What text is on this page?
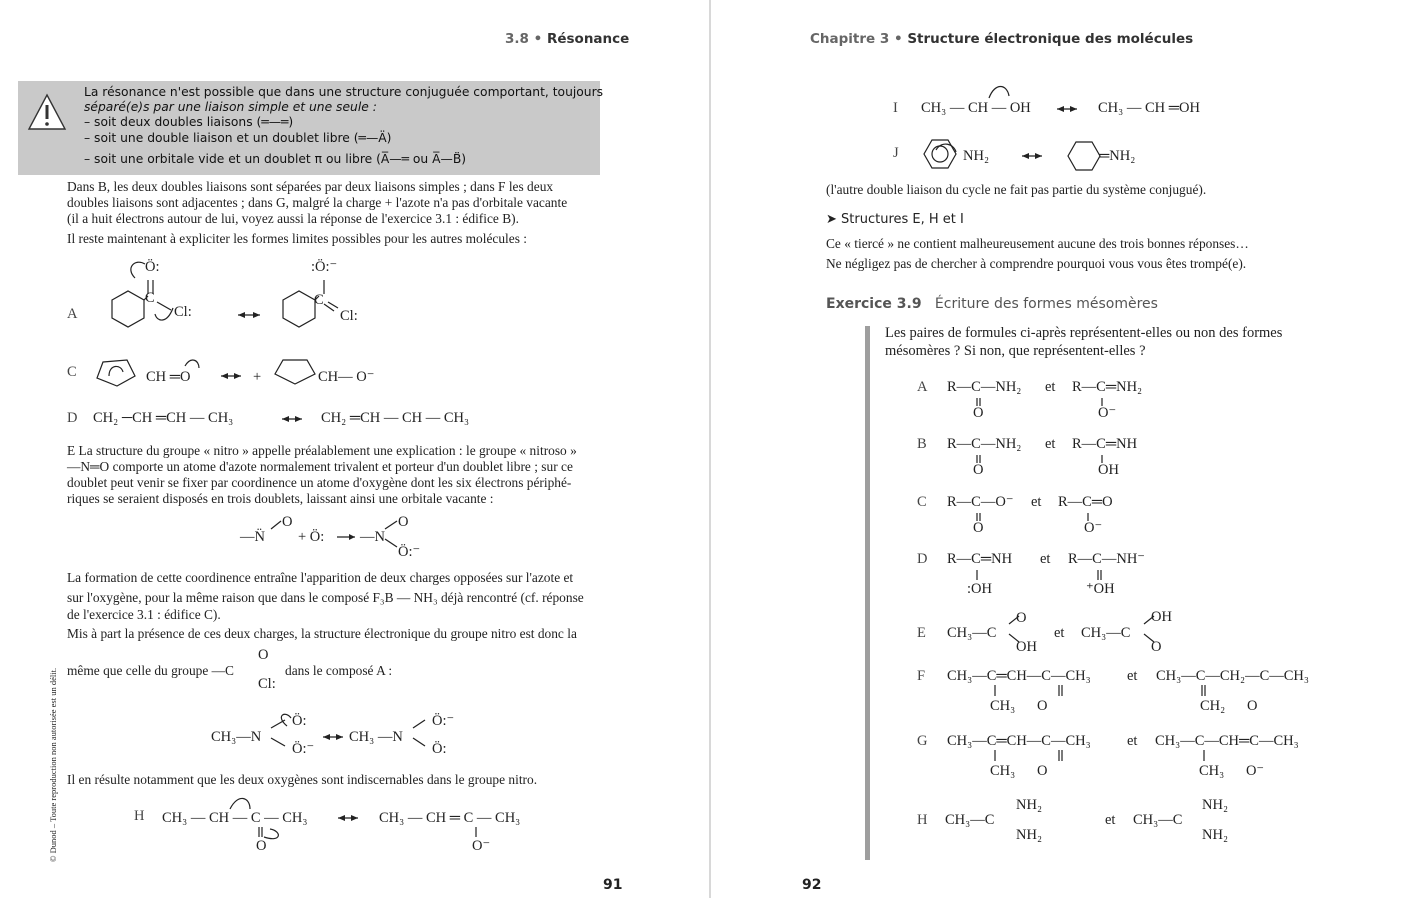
3.8 • Résonance
La résonance n'est possible que dans une structure conjuguée comportant, toujours
séparé(e)s par une liaison simple et une seule :
– soit deux doubles liaisons (═—═)
– soit une double liaison et un doublet libre (═—Ä)
– soit une orbitale vide et un doublet π ou libre (A̅—═ ou A̅—B̈)
Dans B, les deux doubles liaisons sont séparées par deux liaisons simples ; dans F les deux
doubles liaisons sont adjacentes ; dans G, malgré la charge + l'azote n'a pas d'orbitale vacante
(il a huit électrons autour de lui, voyez aussi la réponse de l'exercice 3.1 : édifice B).
Il reste maintenant à expliciter les formes limites possibles pour les autres molécules :
A
Ö:
C
Cl:
:Ö:⁻
C
Cl:
C	CH ═O	+	CH— O⁻
D CH₂ ─CH ═CH — CH₃	CH₂ ═CH — CH — CH₃
E La structure du groupe « nitro » appelle préalablement une explication : le groupe « nitroso »
—N═O comporte un atome d'azote normalement trivalent et porteur d'un doublet libre ; sur ce
doublet peut venir se fixer par coordinence un atome d'oxygène dont les six électrons périphé-
riques se seraient disposés en trois doublets, laissant ainsi une orbitale vacante :
—N̈
O
+ Ö: —N
O
Ö:⁻
La formation de cette coordinence entraîne l'apparition de deux charges opposées sur l'azote et
sur l'oxygène, pour la même raison que dans le composé F₃B — NH₃ déjà rencontré (cf. réponse
de l'exercice 3.1 : édifice C).
Mis à part la présence de ces deux charges, la structure électronique du groupe nitro est donc la
même que celle du groupe —C
O
Cl:
dans le composé A :
CH₃—N
Ö:
Ö:⁻
CH₃ —N
Ö:⁻
Ö:
Il en résulte notamment que les deux oxygènes sont indiscernables dans le groupe nitro.
H CH₃ — CH — C — CH₃	CH₃ — CH ═ C — CH₃
O	O⁻
© Dunod – Toute reproduction non autorisée est un délit.
91
Chapitre 3 • Structure électronique des molécules
I CH₃ — CH — OH	CH₃ — CH ═OH
J	NH₂	═NH₂
(l'autre double liaison du cycle ne fait pas partie du système conjugué).
➤ Structures E, H et I
Ce « tiercé » ne contient malheureusement aucune des trois bonnes réponses…
Ne négligez pas de chercher à comprendre pourquoi vous vous êtes trompé(e).
Exercice 3.9 Écriture des formes mésomères
Les paires de formules ci-après représentent-elles ou non des formes
mésomères ? Si non, que représentent-elles ?
A R—C—NH₂
O
et R—C═NH₂
O⁻
B R—C—NH₂
O
et R—C═NH
OH
C R—C—O⁻
O
et R—C═O
O⁻
D R—C═NH
:OH
et R—C—NH⁻
⁺OH
E CH₃—C
O
OH
et CH₃—C
OH
O
F CH₃—C═CH—C—CH₃
CH₃      O
et CH₃—C—CH₂—C—CH₃
CH₂      O
G CH₃—C═CH—C—CH₃
CH₃      O
et CH₃—C—CH═C—CH₃
CH₃      O⁻
H CH₃—C
NH₂
NH₂
et CH₃—C
NH₂
NH₂
92
